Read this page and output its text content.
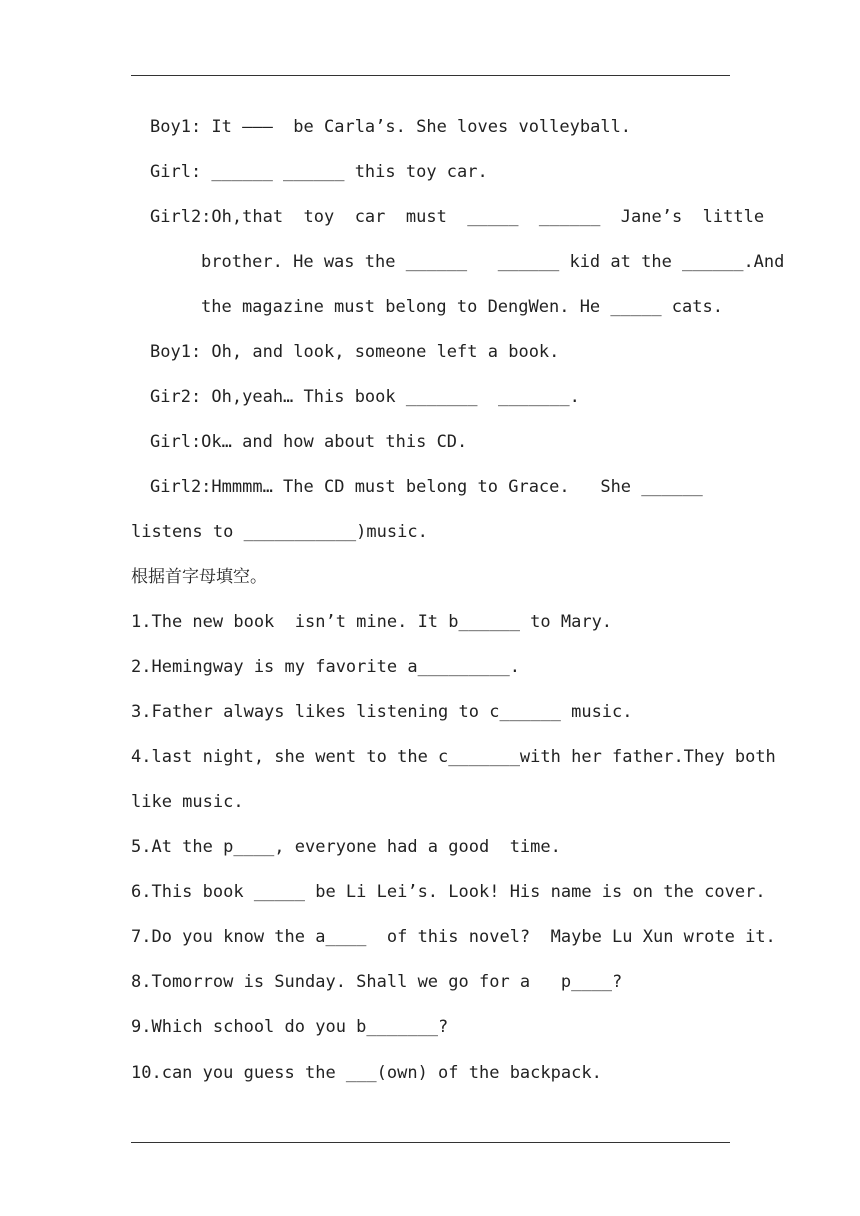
Boy1: It ———  be Carla’s. She loves volleyball.
Girl: ______ ______ this toy car.
Girl2:Oh,that  toy  car  must  _____  ______  Jane’s  little
brother. He was the ______   ______ kid at the ______.And
the magazine must belong to DengWen. He _____ cats.
Boy1: Oh, and look, someone left a book.
Gir2: Oh,yeah… This book _______  _______.
Girl:Ok… and how about this CD.
Girl2:Hmmmm… The CD must belong to Grace.   She ______
listens to ___________)music.
根据首字母填空。
1.The new book  isn’t mine. It b______ to Mary.
2.Hemingway is my favorite a_________.
3.Father always likes listening to c______ music.
4.last night, she went to the c_______with her father.They both
like music.
5.At the p____, everyone had a good  time.
6.This book _____ be Li Lei’s. Look! His name is on the cover.
7.Do you know the a____  of this novel?  Maybe Lu Xun wrote it.
8.Tomorrow is Sunday. Shall we go for a   p____?
9.Which school do you b_______?
10.can you guess the ___(own) of the backpack.
